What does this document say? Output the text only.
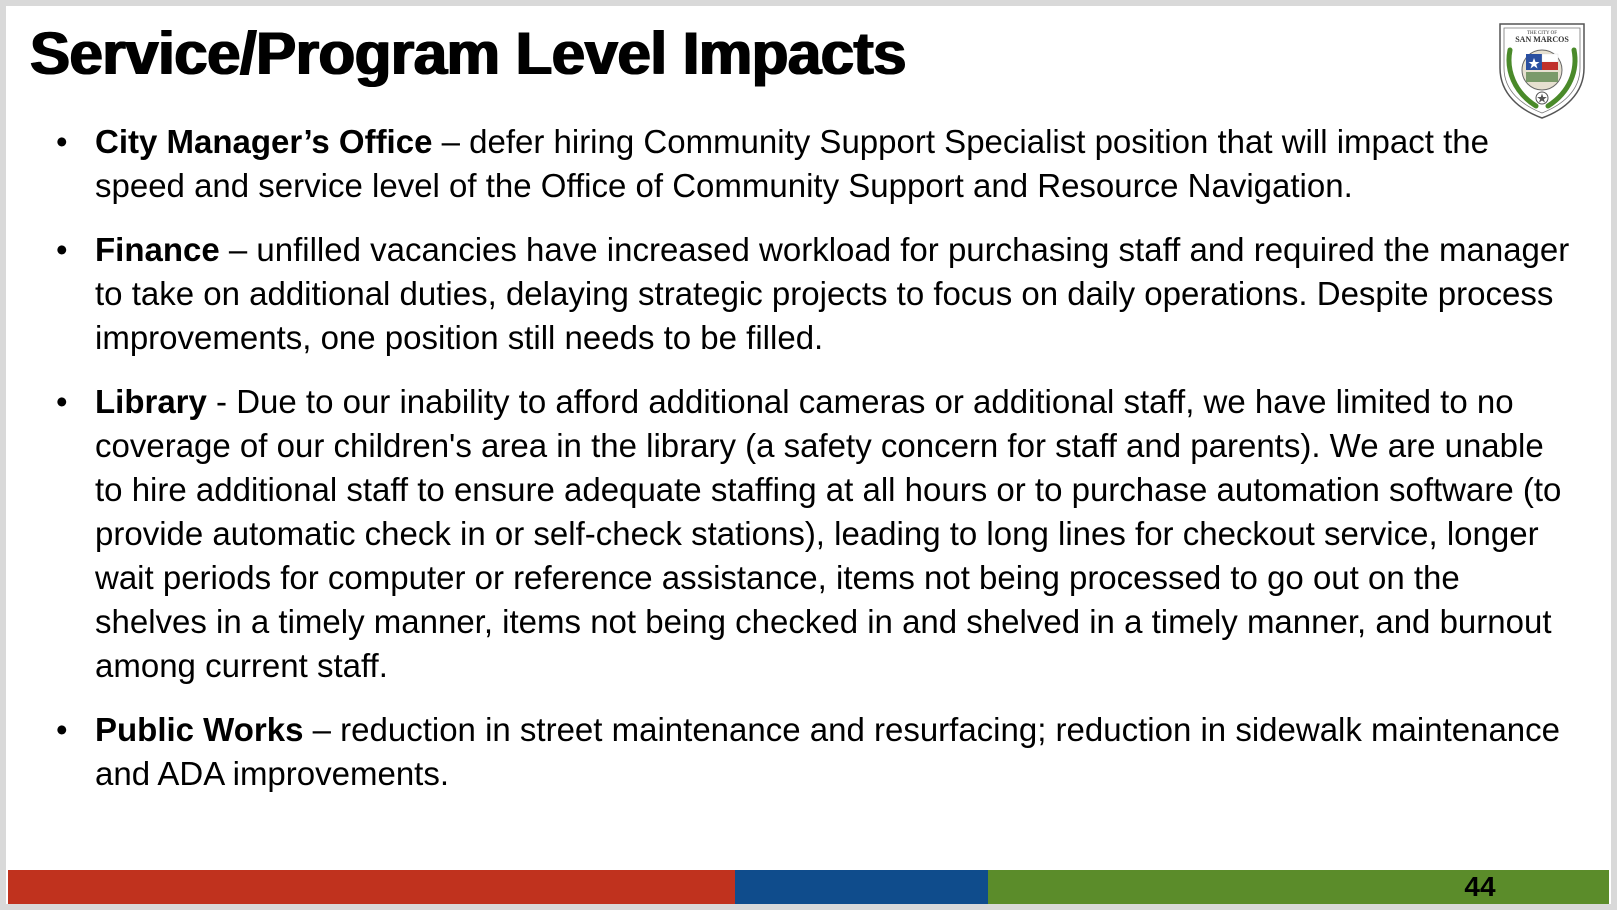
Service/Program Level Impacts	THE CITY OF
SAN MARCOS
• City Manager’s Office – defer hiring Community Support Specialist position that will impact the speed and service level of the Office of Community Support and Resource Navigation.
• Finance – unfilled vacancies have increased workload for purchasing staff and required the manager to take on additional duties, delaying strategic projects to focus on daily operations. Despite process improvements, one position still needs to be filled.
• Library - Due to our inability to afford additional cameras or additional staff, we have limited to no coverage of our children's area in the library (a safety concern for staff and parents). We are unable to hire additional staff to ensure adequate staffing at all hours or to purchase automation software (to provide automatic check in or self-check stations), leading to long lines for checkout service, longer wait periods for computer or reference assistance, items not being processed to go out on the shelves in a timely manner, items not being checked in and shelved in a timely manner, and burnout among current staff.
• Public Works – reduction in street maintenance and resurfacing; reduction in sidewalk maintenance and ADA improvements.
44
